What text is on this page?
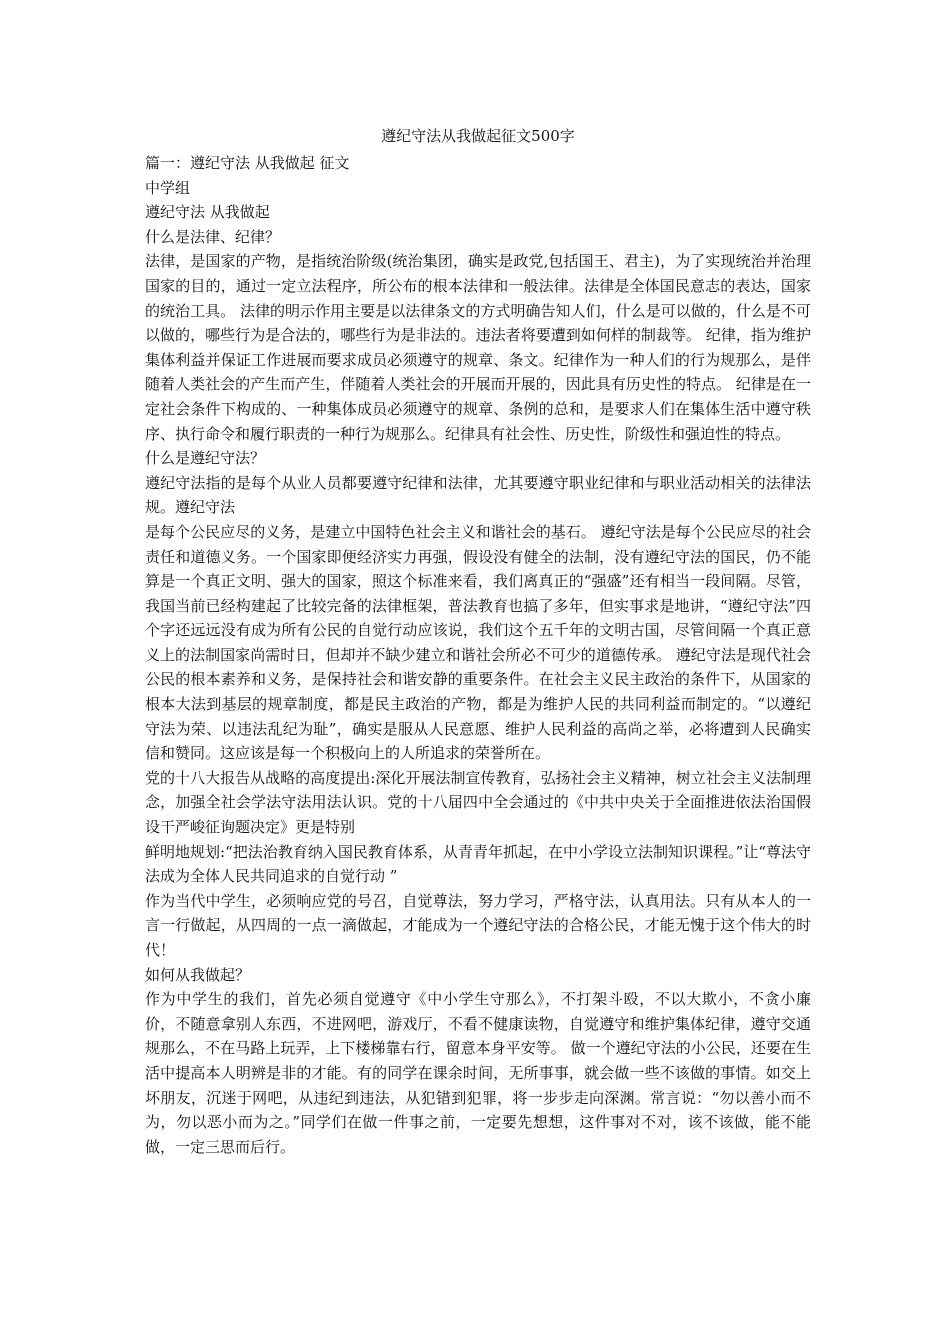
遵纪守法从我做起征文500字

篇一：遵纪守法 从我做起 征文

中学组

遵纪守法 从我做起

什么是法律、纪律？

法律，是国家的产物，是指统治阶级(统治集团，确实是政党,包括国王、君主)，为了实现统治并治理国家的目的，通过一定立法程序，所公布的根本法律和一般法律。法律是全体国民意志的表达，国家的统治工具。 法律的明示作用主要是以法律条文的方式明确告知人们，什么是可以做的，什么是不可以做的，哪些行为是合法的，哪些行为是非法的。违法者将要遭到如何样的制裁等。 纪律，指为维护集体利益并保证工作进展而要求成员必须遵守的规章、条文。纪律作为一种人们的行为规那么，是伴随着人类社会的产生而产生，伴随着人类社会的开展而开展的，因此具有历史性的特点。 纪律是在一定社会条件下构成的、一种集体成员必须遵守的规章、条例的总和，是要求人们在集体生活中遵守秩序、执行命令和履行职责的一种行为规那么。纪律具有社会性、历史性，阶级性和强迫性的特点。

什么是遵纪守法？

遵纪守法指的是每个从业人员都要遵守纪律和法律，尤其要遵守职业纪律和与职业活动相关的法律法规。遵纪守法

是每个公民应尽的义务，是建立中国特色社会主义和谐社会的基石。 遵纪守法是每个公民应尽的社会责任和道德义务。一个国家即便经济实力再强，假设没有健全的法制，没有遵纪守法的国民，仍不能算是一个真正文明、强大的国家，照这个标准来看，我们离真正的“强盛”还有相当一段间隔。尽管，我国当前已经构建起了比较完备的法律框架，普法教育也搞了多年，但实事求是地讲，“遵纪守法”四个字还远远没有成为所有公民的自觉行动应该说，我们这个五千年的文明古国，尽管间隔一个真正意义上的法制国家尚需时日，但却并不缺少建立和谐社会所必不可少的道德传承。 遵纪守法是现代社会公民的根本素养和义务，是保持社会和谐安静的重要条件。在社会主义民主政治的条件下，从国家的根本大法到基层的规章制度，都是民主政治的产物，都是为维护人民的共同利益而制定的。“以遵纪守法为荣、以违法乱纪为耻”，确实是服从人民意愿、维护人民利益的高尚之举，必将遭到人民确实信和赞同。这应该是每一个积极向上的人所追求的荣誉所在。

党的十八大报告从战略的高度提出:深化开展法制宣传教育，弘扬社会主义精神，树立社会主义法制理念，加强全社会学法守法用法认识。党的十八届四中全会通过的《中共中央关于全面推进依法治国假设干严峻征询题决定》更是特别

鲜明地规划:“把法治教育纳入国民教育体系，从青青年抓起，在中小学设立法制知识课程。”让“尊法守法成为全体人民共同追求的自觉行动 ”

作为当代中学生，必须响应党的号召，自觉尊法，努力学习，严格守法，认真用法。只有从本人的一言一行做起，从四周的一点一滴做起，才能成为一个遵纪守法的合格公民，才能无愧于这个伟大的时代！

如何从我做起？

作为中学生的我们，首先必须自觉遵守《中小学生守那么》，不打架斗殴，不以大欺小，不贪小廉价，不随意拿别人东西，不进网吧，游戏厅，不看不健康读物，自觉遵守和维护集体纪律，遵守交通规那么，不在马路上玩弄，上下楼梯靠右行，留意本身平安等。 做一个遵纪守法的小公民，还要在生活中提高本人明辨是非的才能。有的同学在课余时间，无所事事，就会做一些不该做的事情。如交上坏朋友，沉迷于网吧，从违纪到违法，从犯错到犯罪，将一步步走向深渊。常言说：“勿以善小而不为，勿以恶小而为之。”同学们在做一件事之前，一定要先想想，这件事对不对，该不该做，能不能做，一定三思而后行。
